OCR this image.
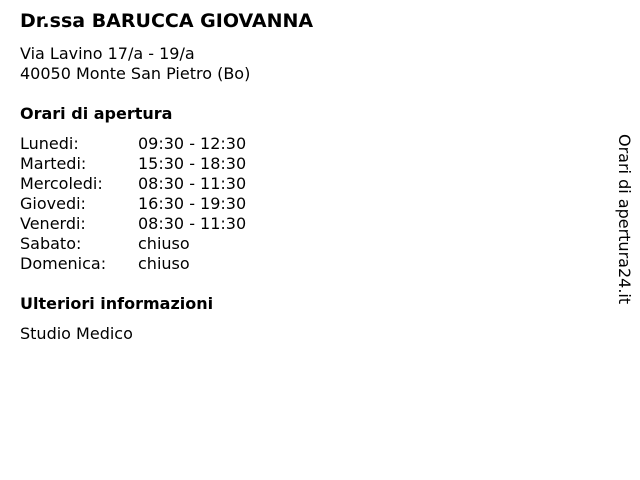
Dr.ssa BARUCCA GIOVANNA
Via Lavino 17/a - 19/a
40050 Monte San Pietro (Bo)
Orari di apertura
Lunedi:	09:30 - 12:30
Martedi:	15:30 - 18:30
Mercoledi:	08:30 - 11:30
Giovedi:	16:30 - 19:30
Venerdi:	08:30 - 11:30
Sabato:	chiuso
Domenica:	chiuso
Ulteriori informazioni
Studio Medico
Orari di apertura24.it
